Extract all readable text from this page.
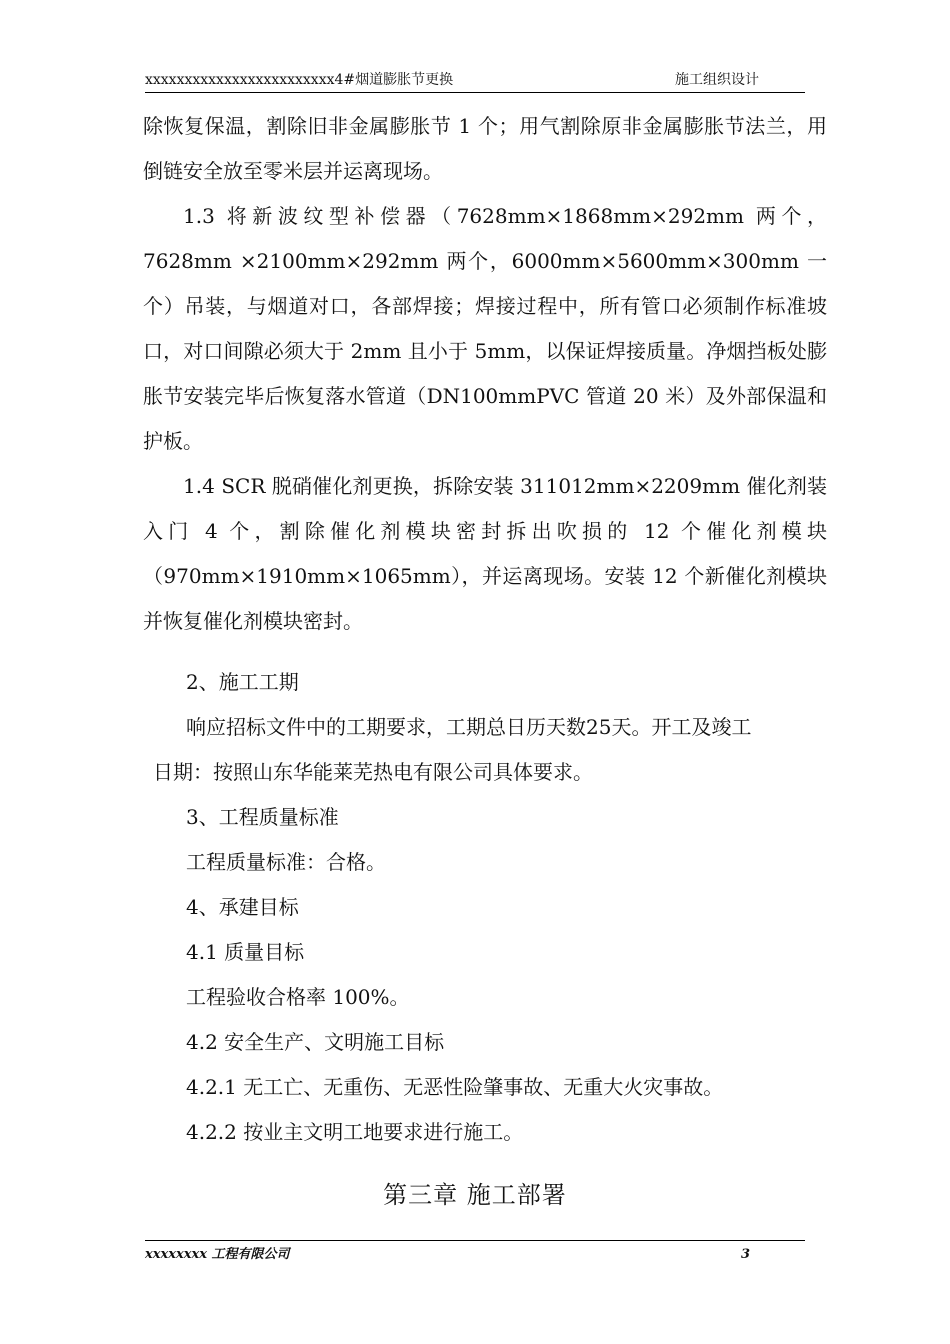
xxxxxxxxxxxxxxxxxxxxxxxx4#烟道膨胀节更换	施工组织设计

除恢复保温，割除旧非金属膨胀节 1 个；用气割除原非金属膨胀节法兰，用倒链安全放至零米层并运离现场。

1.3 将新波纹型补偿器（7628mm×1868mm×292mm 两个，7628mm ×2100mm×292mm 两个，6000mm×5600mm×300mm 一个）吊装，与烟道对口，各部焊接；焊接过程中，所有管口必须制作标准坡口，对口间隙必须大于 2mm 且小于 5mm，以保证焊接质量。净烟挡板处膨胀节安装完毕后恢复落水管道（DN100mmPVC 管道 20 米）及外部保温和护板。

1.4 SCR 脱硝催化剂更换，拆除安装 311012mm×2209mm 催化剂装入门 4 个，割除催化剂模块密封拆出吹损的 12 个催化剂模块（970mm×1910mm×1065mm），并运离现场。安装 12 个新催化剂模块并恢复催化剂模块密封。

2、施工工期

响应招标文件中的工期要求，工期总日历天数25天。开工及竣工

日期：按照山东华能莱芜热电有限公司具体要求。

3、工程质量标准

工程质量标准：合格。

4、承建目标

4.1 质量目标

工程验收合格率 100%。

4.2 安全生产、文明施工目标

4.2.1 无工亡、无重伤、无恶性险肇事故、无重大火灾事故。

4.2.2 按业主文明工地要求进行施工。

第三章 施工部署
xxxxxxxx 工程有限公司	3
